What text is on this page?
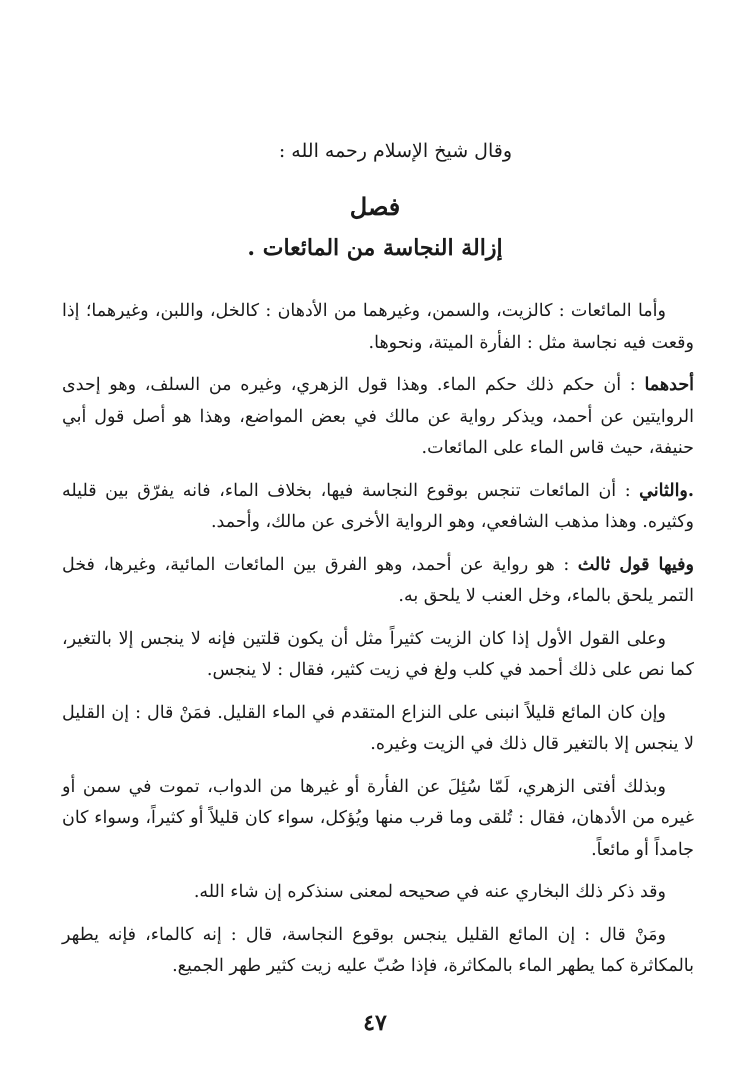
وقال شيخ الإسلام رحمه الله :

فصل
إزالة النجاسة من المائعات .

وأما المائعات : كالزيت، والسمن، وغيرهما من الأدهان : كالخل، واللبن، وغيرهما؛ إذا وقعت فيه نجاسة مثل : الفأرة الميتة، ونحوها.

أحدهما : أن حكم ذلك حكم الماء. وهذا قول الزهري، وغيره من السلف، وهو إحدى الروايتين عن أحمد، ويذكر رواية عن مالك في بعض المواضع، وهذا هو أصل قول أبي حنيفة، حيث قاس الماء على المائعات.

.والثاني : أن المائعات تنجس بوقوع النجاسة فيها، بخلاف الماء، فانه يفرّق بين قليله وكثيره. وهذا مذهب الشافعي، وهو الرواية الأخرى عن مالك، وأحمد.

وفيها قول ثالث : هو رواية عن أحمد، وهو الفرق بين المائعات المائية، وغيرها، فخل التمر يلحق بالماء، وخل العنب لا يلحق به.

وعلى القول الأول إذا كان الزيت كثيراً مثل أن يكون قلتين فإنه لا ينجس إلا بالتغير، كما نص على ذلك أحمد في كلب ولغ في زيت كثير، فقال : لا ينجس.

وإن كان المائع قليلاً انبنى على النزاع المتقدم في الماء القليل. فمَنْ قال : إن القليل لا ينجس إلا بالتغير قال ذلك في الزيت وغيره.

وبذلك أفتى الزهري، لَمّا سُئِلَ عن الفأرة أو غيرها من الدواب، تموت في سمن أو غيره من الأدهان، فقال : تُلقى وما قرب منها ويُؤكل، سواء كان قليلاً أو كثيراً، وسواء كان جامداً أو مائعاً.

وقد ذكر ذلك البخاري عنه في صحيحه لمعنى سنذكره إن شاء الله.

ومَنْ قال : إن المائع القليل ينجس بوقوع النجاسة، قال : إنه كالماء، فإنه يطهر بالمكاثرة كما يطهر الماء بالمكاثرة، فإذا صُبّ عليه زيت كثير طهر الجميع.

٤٧
